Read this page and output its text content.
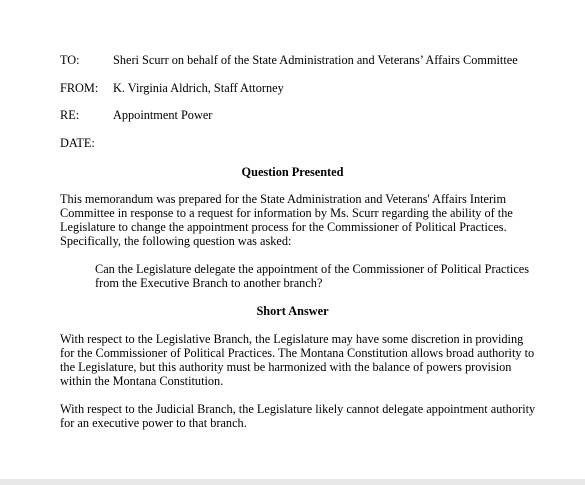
TO:	Sheri Scurr on behalf of the State Administration and Veterans’ Affairs Committee
FROM: K. Virginia Aldrich, Staff Attorney
RE:	Appointment Power
DATE:
Question Presented
This memorandum was prepared for the State Administration and Veterans' Affairs Interim
Committee in response to a request for information by Ms. Scurr regarding the ability of the
Legislature to change the appointment process for the Commissioner of Political Practices.
Specifically, the following question was asked:
Can the Legislature delegate the appointment of the Commissioner of Political Practices
from the Executive Branch to another branch?
Short Answer
With respect to the Legislative Branch, the Legislature may have some discretion in providing
for the Commissioner of Political Practices. The Montana Constitution allows broad authority to
the Legislature, but this authority must be harmonized with the balance of powers provision
within the Montana Constitution.
With respect to the Judicial Branch, the Legislature likely cannot delegate appointment authority
for an executive power to that branch.
